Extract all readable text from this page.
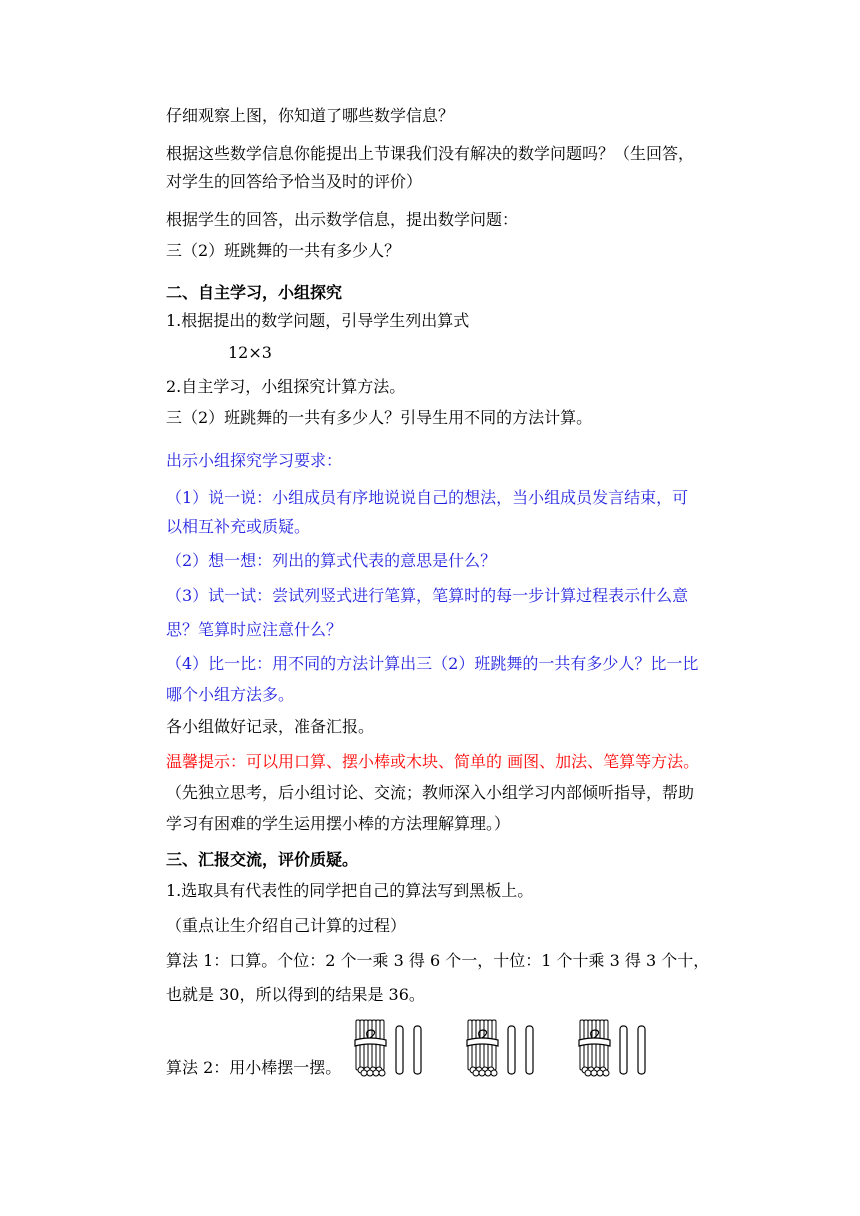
仔细观察上图，你知道了哪些数学信息？
根据这些数学信息你能提出上节课我们没有解决的数学问题吗？（生回答，
对学生的回答给予恰当及时的评价）
根据学生的回答，出示数学信息，提出数学问题：
三（2）班跳舞的一共有多少人？
二、自主学习，小组探究
1.根据提出的数学问题，引导学生列出算式
12×3
2.自主学习，小组探究计算方法。
三（2）班跳舞的一共有多少人？引导生用不同的方法计算。
出示小组探究学习要求：
（1）说一说：小组成员有序地说说自己的想法，当小组成员发言结束，可
以相互补充或质疑。
（2）想一想：列出的算式代表的意思是什么？
（3）试一试：尝试列竖式进行笔算，笔算时的每一步计算过程表示什么意
思？笔算时应注意什么？
（4）比一比：用不同的方法计算出三（2）班跳舞的一共有多少人？比一比
哪个小组方法多。
各小组做好记录，准备汇报。
温馨提示：可以用口算、摆小棒或木块、简单的 画图、加法、笔算等方法。
（先独立思考，后小组讨论、交流；教师深入小组学习内部倾听指导，帮助
学习有困难的学生运用摆小棒的方法理解算理。）
三、汇报交流，评价质疑。
1.选取具有代表性的同学把自己的算法写到黑板上。
（重点让生介绍自己计算的过程）
算法 1：口算。个位：2 个一乘 3 得 6 个一，十位：1 个十乘 3 得 3 个十，
也就是 30，所以得到的结果是 36。
算法 2：用小棒摆一摆。
